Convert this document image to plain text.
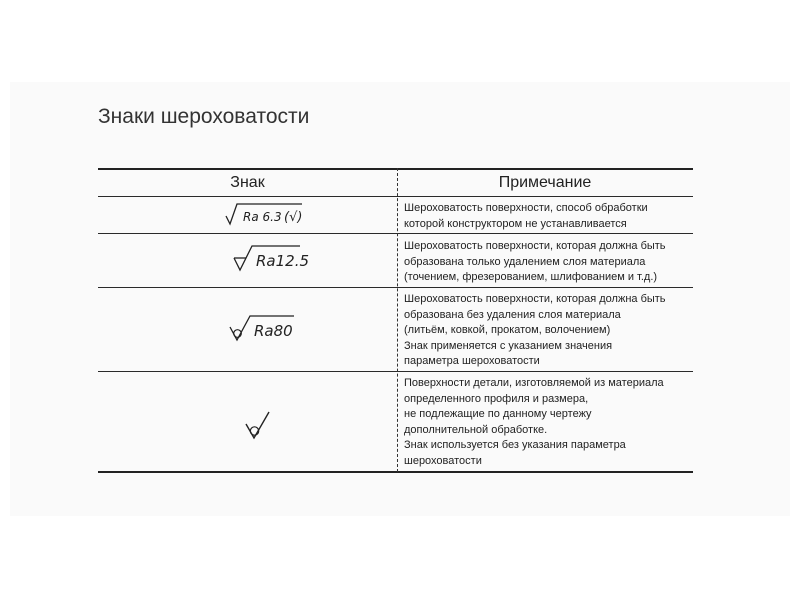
Знаки шероховатости
Знак	Примечание
Ra 6.3 (√)
Шероховатость поверхности, способ обработки
которой конструктором не устанавливается
Ra12.5
Шероховатость поверхности, которая должна быть
образована только удалением слоя материала
(точением, фрезерованием, шлифованием и т.д.)
Ra80
Шероховатость поверхности, которая должна быть
образована без удаления слоя материала
(литьём, ковкой, прокатом, волочением)
Знак применяется с указанием значения
параметра шероховатости
Поверхности детали, изготовляемой из материала
определенного профиля и размера,
не подлежащие по данному чертежу
дополнительной обработке.
Знак используется без указания параметра
шероховатости
